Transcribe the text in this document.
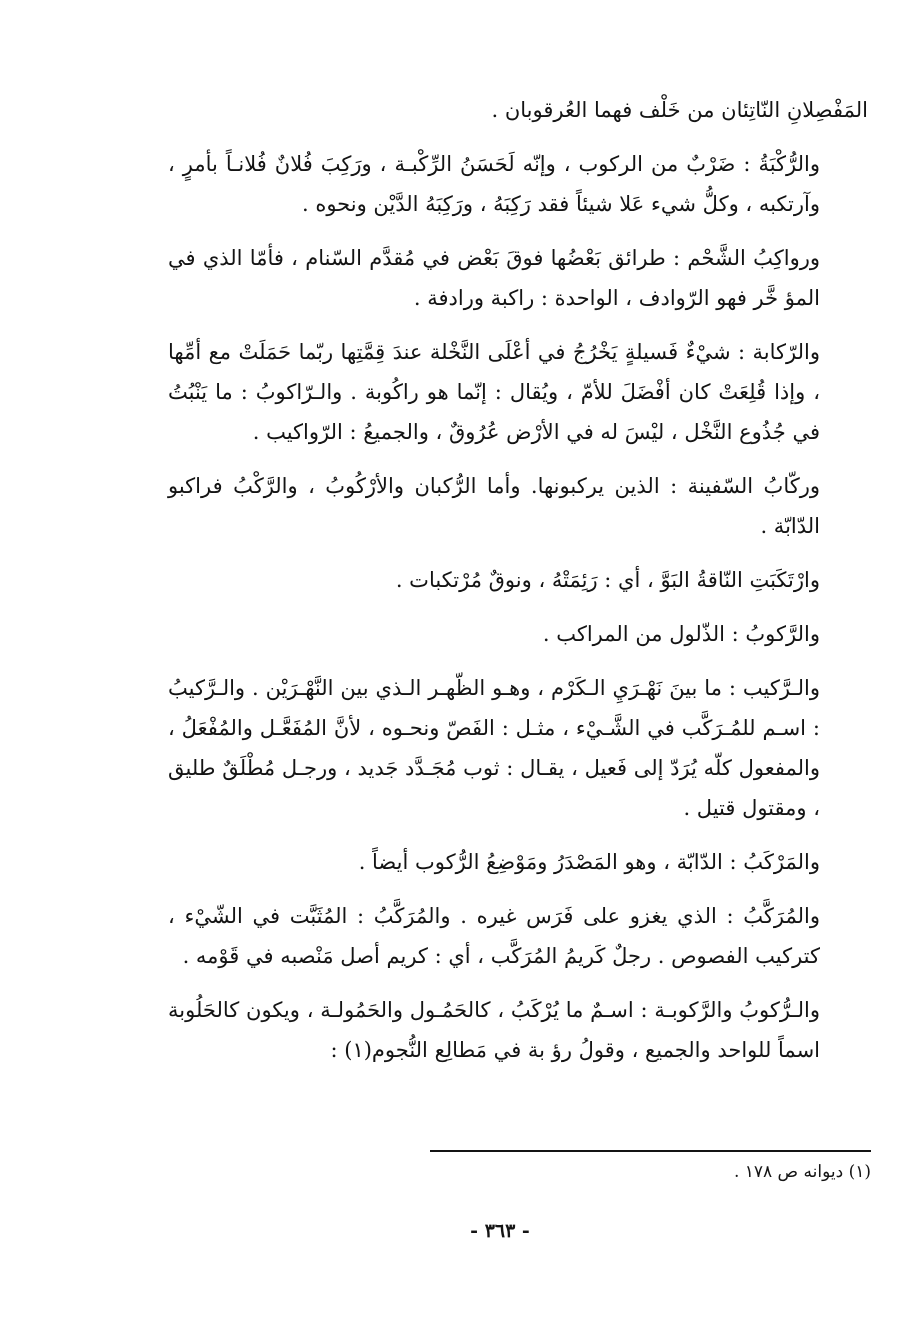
المَفْصِلانِ النّاتِئان من خَلْف فهما العُرقوبان .

والرُّكْبَةُ : ضَرْبٌ من الركوب ، وإنّه لَحَسَنُ الرِّكْبـة ، ورَكِبَ فُلانٌ فُلانـاً بأمرٍ ، وآرتكبه ، وكلُّ شيء عَلا شيئاً فقد رَكِبَهُ ، ورَكِبَهُ الدَّيْن ونحوه .

ورواكِبُ الشَّحْم : طرائق بَعْضُها فوقَ بَعْض في مُقدَّم السّنام ، فأمّا الذي في المؤ خَّر فهو الرّوادف ، الواحدة : راكبة ورادفة .

والرّكابة : شيْءٌ فَسيلةٍ يَخْرُجُ في أعْلَى النَّخْلة عندَ قِمَّتِها ربّما حَمَلَتْ مع أمِّها ، وإذا قُلِعَتْ كان أفْضَلَ للأمّ ، ويُقال : إنّما هو راكُوبة . والـرّاكوبُ : ما يَنْبُتُ في جُذُوع النَّخْل ، ليْسَ له في الأرْض عُرُوقٌ ، والجميعُ : الرّواكيب .

وركّابُ السّفينة : الذين يركبونها. وأما الرُّكبان والأرْكُوبُ ، والرَّكْبُ فراكبو الدّابّة .

وارْتَكَبَتِ النّاقةُ البَوَّ ، أي : رَئِمَتْهُ ، ونوقٌ مُرْتكبات .

والرَّكوبُ : الذّلول من المراكب .

والـرَّكيب : ما بينَ نَهْـرَيِ الـكَرْم ، وهـو الظّهـر الـذي بين النَّهْـرَيْن . والـرَّكيبُ : اسـم للمُـرَكَّب في الشَّـيْء ، مثـل : الفَصّ ونحـوه ، لأنَّ المُفَعَّـل والمُفْعَلُ ، والمفعول كلّه يُرَدّ إلى فَعيل ، يقـال : ثوب مُجَـدَّد جَديد ، ورجـل مُطْلَقٌ طليق ، ومقتول قتيل .

والمَرْكَبُ : الدّابّة ، وهو المَصْدَرُ ومَوْضِعُ الرُّكوب أيضاً .

والمُرَكَّبُ : الذي يغزو على فَرَس غيره . والمُرَكَّبُ : المُثَبَّت في الشّيْء ، كتركيب الفصوص . رجلٌ كَريمُ المُرَكَّب ، أي : كريم أصل مَنْصبه في قَوْمه .

والـرُّكوبُ والرَّكوبـة : اسـمٌ ما يُرْكَبُ ، كالحَمُـول والحَمُولـة ، ويكون كالحَلُوبة اسماً للواحد والجميع ، وقولُ رؤ بة في مَطالِع النُّجوم(١) :

(١) ديوانه ص ١٧٨ .
- ٣٦٣ -
